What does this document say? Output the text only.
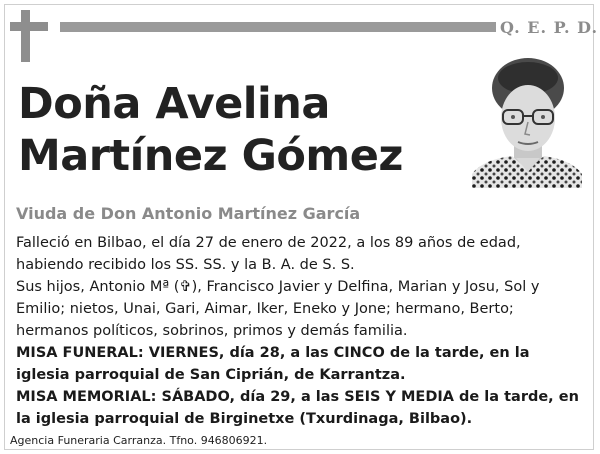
Q. E. P. D.
Doña Avelina
Martínez Gómez
Viuda de Don Antonio Martínez García

Falleció en Bilbao, el día 27 de enero de 2022, a los 89 años de edad, habiendo recibido los SS. SS. y la B. A. de S. S.

Sus hijos, Antonio Mª (✞), Francisco Javier y Delfina, Marian y Josu, Sol y Emilio; nietos, Unai, Gari, Aimar, Iker, Eneko y Jone; hermano, Berto; hermanos políticos, sobrinos, primos y demás familia.

MISA FUNERAL: VIERNES, día 28, a las CINCO de la tarde, en la iglesia parroquial de San Ciprián, de Karrantza.

MISA MEMORIAL: SÁBADO, día 29, a las SEIS Y MEDIA de la tarde, en la iglesia parroquial de Birginetxe (Txurdinaga, Bilbao).

Agencia Funeraria Carranza. Tfno. 946806921.
